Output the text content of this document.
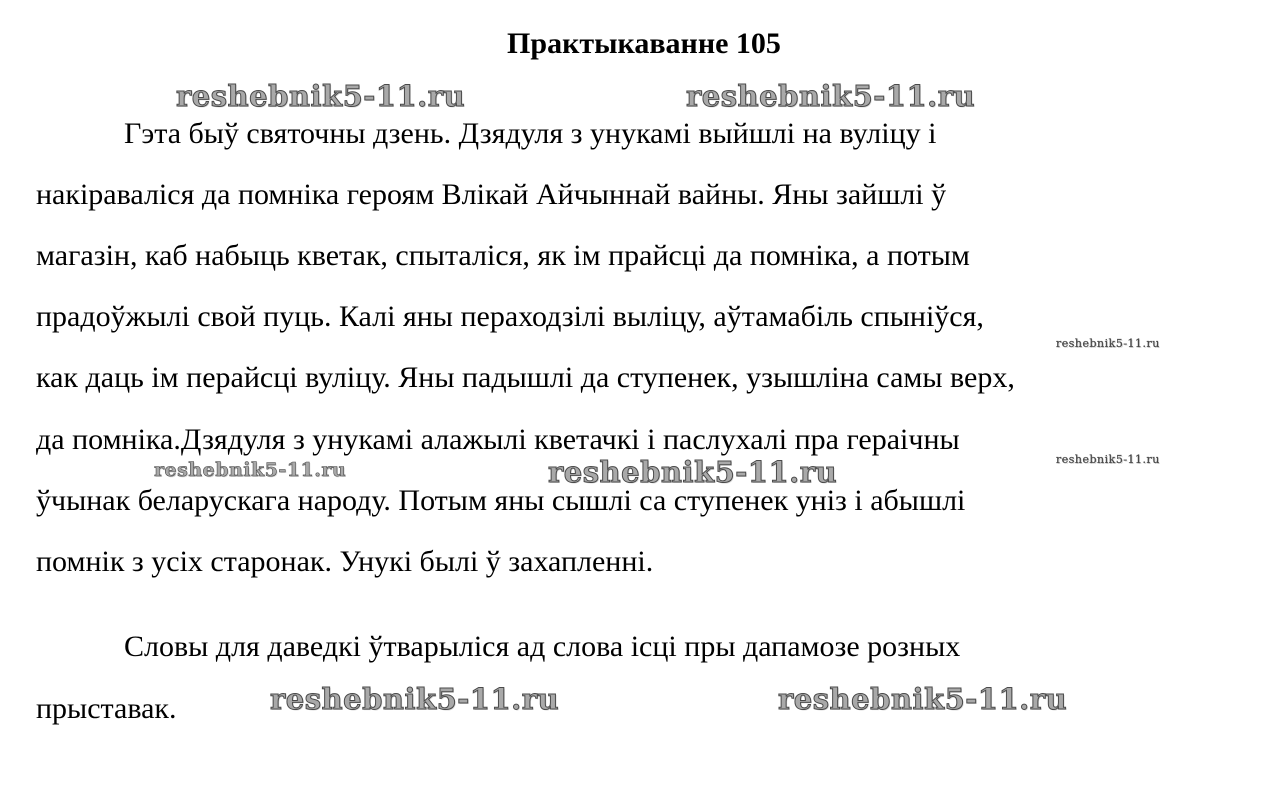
Практыкаванне 105
reshebnik5-11.ru	reshebnik5-11.ru
reshebnik5-11.ru
reshebnik5-11.ru	reshebnik5-11.ru	reshebnik5-11.ru
reshebnik5-11.ru	reshebnik5-11.ru
Гэта быў святочны дзень. Дзядуля з унукамі выйшлі на вуліцу і
накіраваліся да помніка героям Влікай Айчыннай вайны. Яны зайшлі ў
магазін, каб набыць кветак, спыталіся, як ім прайсці да помніка, а потым
прадоўжылі свой пуць. Калі яны пераходзілі выліцу, аўтамабіль спыніўся,
как даць ім перайсці вуліцу. Яны падышлі да ступенек, узышліна самы верх,
да помніка.Дзядуля з унукамі алажылі кветачкі і паслухалі пра гераічны
ўчынак беларускага народу. Потым яны сышлі са ступенек уніз і абышлі
помнік з усіх старонак. Унукі былі ў захапленні.
Словы для даведкі ўтварыліся ад слова ісці пры дапамозе розных
прыставак.
